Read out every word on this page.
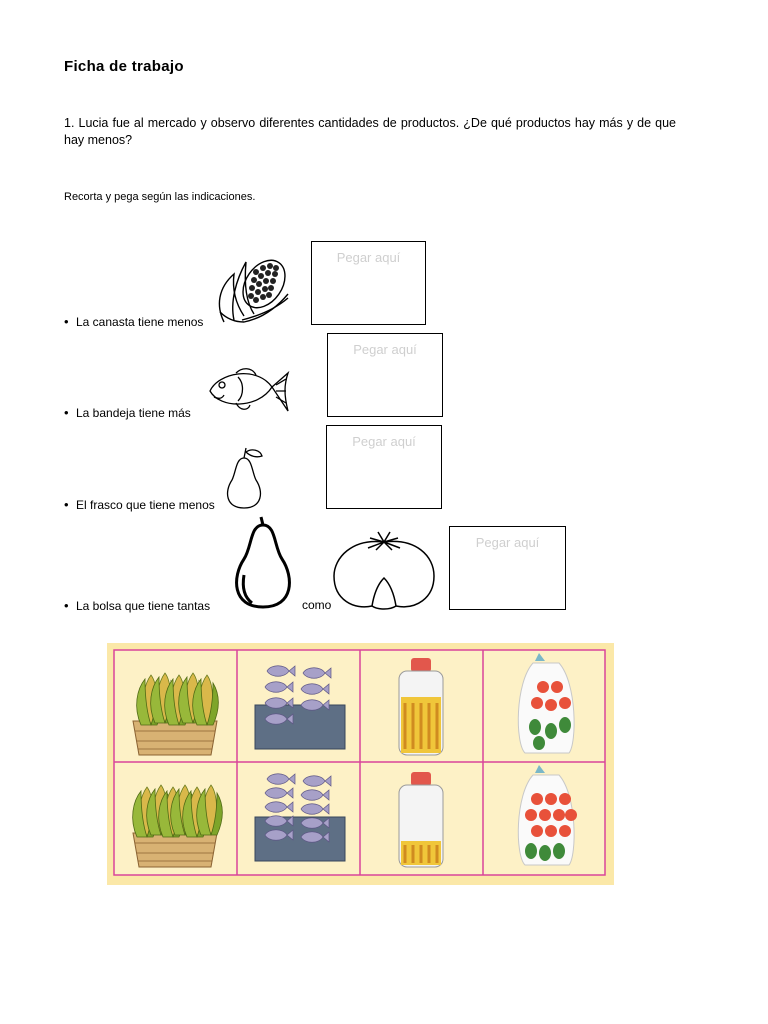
Ficha de trabajo
1. Lucia fue al mercado y observo diferentes cantidades de productos. ¿De qué productos hay más y de que hay menos?
Recorta y pega según las indicaciones.
• La canasta tiene menos
Pegar aquí
• La bandeja tiene más
Pegar aquí
• El frasco que tiene menos
Pegar aquí
• La bolsa que tiene tantas	como
Pegar aquí
